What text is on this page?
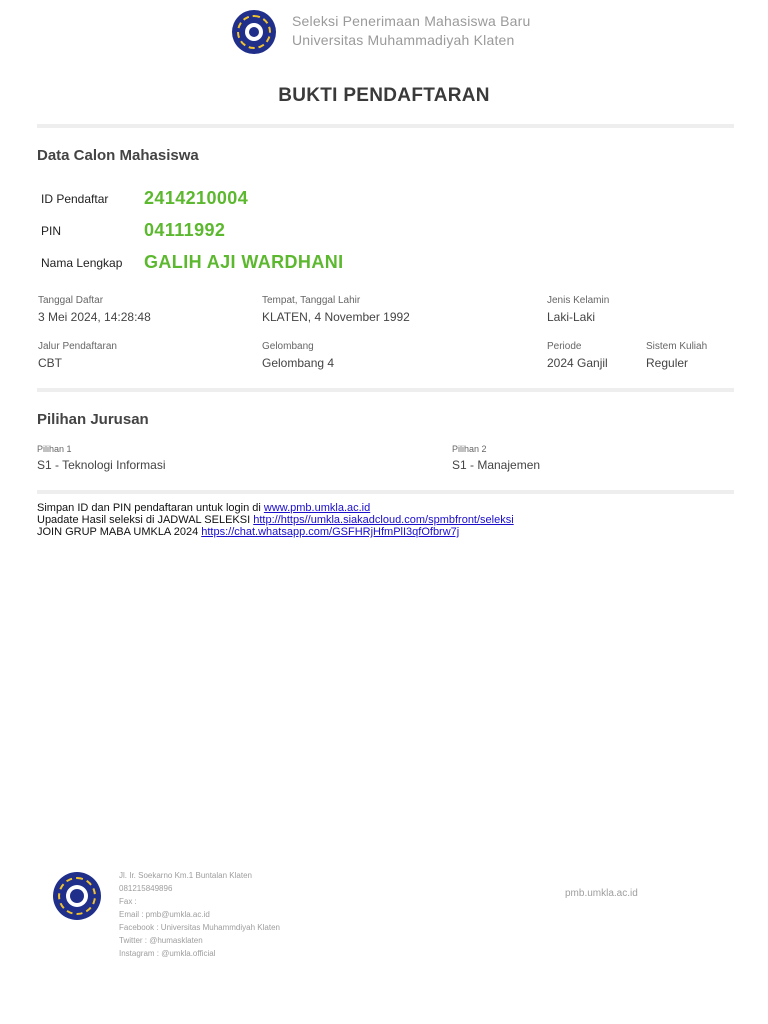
Seleksi Penerimaan Mahasiswa Baru
Universitas Muhammadiyah Klaten
BUKTI PENDAFTARAN
Data Calon Mahasiswa
ID Pendaftar 2414210004
PIN	04111992
Nama Lengkap GALIH AJI WARDHANI
Tanggal Daftar
3 Mei 2024, 14:28:48
Tempat, Tanggal Lahir
KLATEN, 4 November 1992
Jenis Kelamin
Laki-Laki
Jalur Pendaftaran
CBT
Gelombang
Gelombang 4
Periode
2024 Ganjil
Sistem Kuliah
Reguler
Pilihan Jurusan
Pilihan 1
S1 - Teknologi Informasi
Pilihan 2
S1 - Manajemen
Simpan ID dan PIN pendaftaran untuk login di www.pmb.umkla.ac.id
Upadate Hasil seleksi di JADWAL SELEKSI http://https//umkla.siakadcloud.com/spmbfront/seleksi
JOIN GRUP MABA UMKLA 2024 https://chat.whatsapp.com/GSFHRjHfmPlI3qfOfbrw7j
Jl. Ir. Soekarno Km.1 Buntalan Klaten
081215849896
Fax :
Email : pmb@umkla.ac.id
Facebook : Universitas Muhammdiyah Klaten
Twitter : @humasklaten
Instagram : @umkla.official
pmb.umkla.ac.id
